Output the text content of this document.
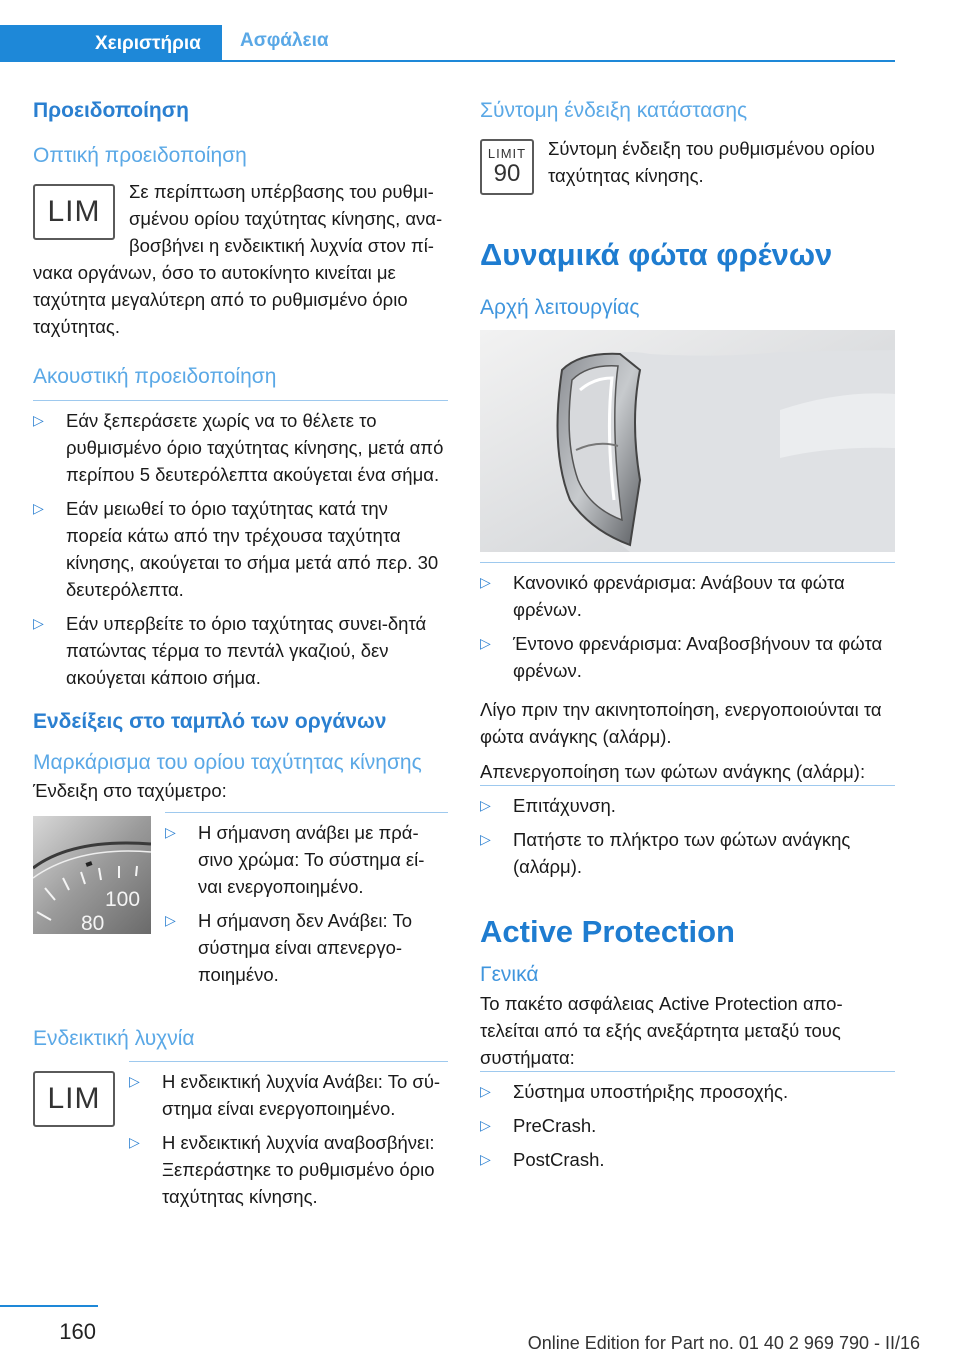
Χειριστήρια Ασφάλεια
Προειδοποίηση
Οπτική προειδοποίηση
LIM
Σε περίπτωση υπέρβασης του ρυθμι‐σμένου ορίου ταχύτητας κίνησης, ανα‐βοσβήνει η ενδεικτική λυχνία στον πί‐νακα οργάνων, όσο το αυτοκίνητο κινείται με ταχύτητα μεγαλύτερη από το ρυθμισμένο όριο ταχύτητας.
Ακουστική προειδοποίηση
▷ Εάν ξεπεράσετε χωρίς να το θέλετε το ρυθμισμένο όριο ταχύτητας κίνησης, μετά από περίπου 5 δευτερόλεπτα ακούγεται ένα σήμα.
▷ Εάν μειωθεί το όριο ταχύτητας κατά την πορεία κάτω από την τρέχουσα ταχύτητα κίνησης, ακούγεται το σήμα μετά από περ. 30 δευτερόλεπτα.
▷ Εάν υπερβείτε το όριο ταχύτητας συνει‐δητά πατώντας τέρμα το πεντάλ γκαζιού, δεν ακούγεται κάποιο σήμα.
Ενδείξεις στο ταμπλό των οργάνων
Μαρκάρισμα του ορίου ταχύτητας κίνησης
Ένδειξη στο ταχύμετρο:
100
80
▷ Η σήμανση ανάβει με πρά‐σινο χρώμα: Το σύστημα εί‐ναι ενεργοποιημένο.
▷ Η σήμανση δεν Ανάβει: Το σύστημα είναι απενεργο‐ποιημένο.
Ενδεικτική λυχνία
LIM
▷ Η ενδεικτική λυχνία Ανάβει: Το σύ‐στημα είναι ενεργοποιημένο.
▷ Η ενδεικτική λυχνία αναβοσβήνει: Ξεπεράστηκε το ρυθμισμένο όριο ταχύτητας κίνησης.
Σύντομη ένδειξη κατάστασης
LIMIT
90
Σύντομη ένδειξη του ρυθμισμένου ορίου ταχύτητας κίνησης.
Δυναμικά φώτα φρένων
Αρχή λειτουργίας
▷ Κανονικό φρενάρισμα: Ανάβουν τα φώτα φρένων.
▷ Έντονο φρενάρισμα: Αναβοσβήνουν τα φώτα φρένων.
Λίγο πριν την ακινητοποίηση, ενεργοποιούνται τα φώτα ανάγκης (αλάρμ).
Απενεργοποίηση των φώτων ανάγκης (αλάρμ):
▷ Επιτάχυνση.
▷ Πατήστε το πλήκτρο των φώτων ανάγκης (αλάρμ).
Active Protection
Γενικά
Το πακέτο ασφάλειας Active Protection απο‐τελείται από τα εξής ανεξάρτητα μεταξύ τους συστήματα:
▷ Σύστημα υποστήριξης προσοχής.
▷ PreCrash.
▷ PostCrash.
160	Online Edition for Part no. 01 40 2 969 790 - II/16
